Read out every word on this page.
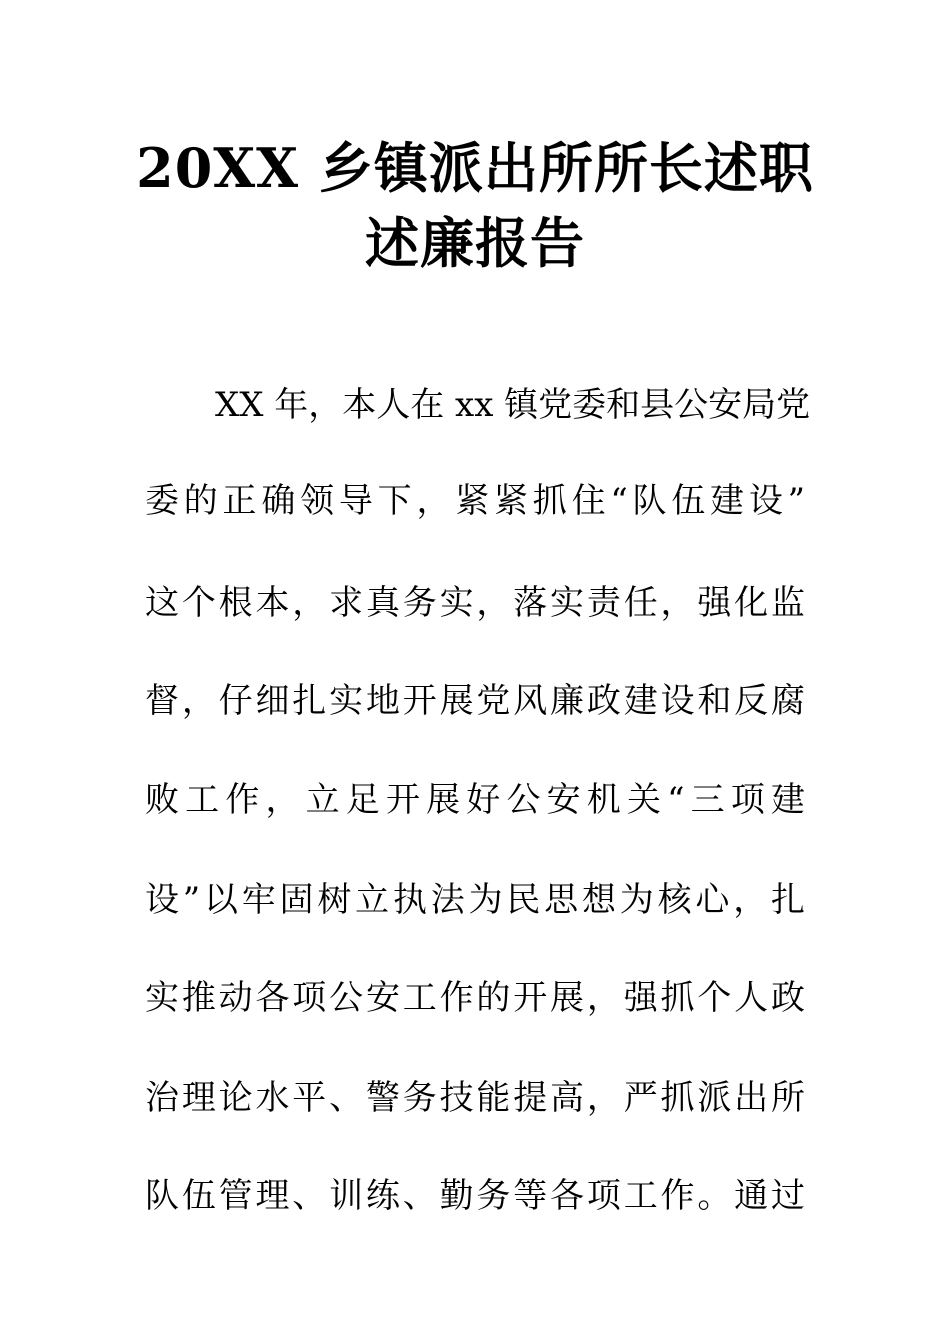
20XX 乡镇派出所所长述职
述廉报告

XX 年，本人在 xx 镇党委和县公安局党

委的正确领导下，紧紧抓住“队伍建设”

这个根本，求真务实，落实责任，强化监

督，仔细扎实地开展党风廉政建设和反腐

败工作，立足开展好公安机关“三项建

设”以牢固树立执法为民思想为核心，扎

实推动各项公安工作的开展，强抓个人政

治理论水平、警务技能提高，严抓派出所

队伍管理、训练、勤务等各项工作。通过
